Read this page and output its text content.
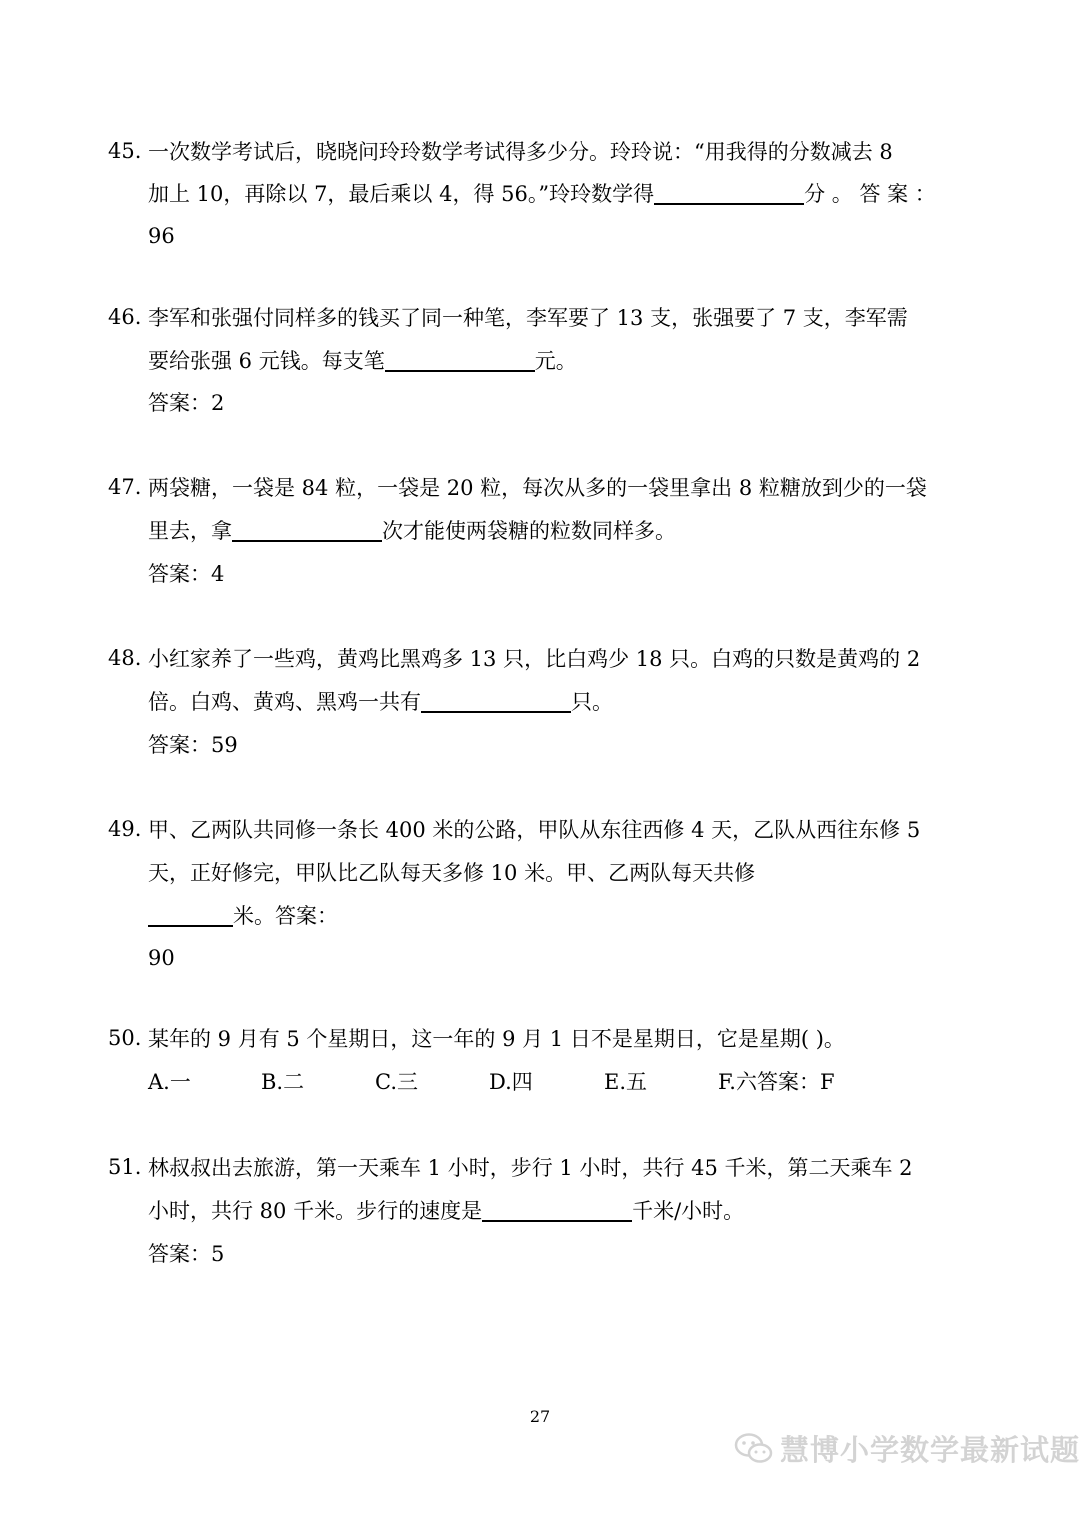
45. 一次数学考试后，晓晓问玲玲数学考试得多少分。玲玲说：“用我得的分数减去 8
加上 10，再除以 7，最后乘以 4，得 56。”玲玲数学得	分 。 答 案 ：
96
46. 李军和张强付同样多的钱买了同一种笔，李军要了 13 支，张强要了 7 支，李军需
要给张强 6 元钱。每支笔	元。
答案：2
47. 两袋糖，一袋是 84 粒，一袋是 20 粒，每次从多的一袋里拿出 8 粒糖放到少的一袋
里去，拿	次才能使两袋糖的粒数同样多。
答案：4
48. 小红家养了一些鸡，黄鸡比黑鸡多 13 只，比白鸡少 18 只。白鸡的只数是黄鸡的 2
倍。白鸡、黄鸡、黑鸡一共有	只。
答案：59
49. 甲、乙两队共同修一条长 400 米的公路，甲队从东往西修 4 天，乙队从西往东修 5
天，正好修完，甲队比乙队每天多修 10 米。甲、乙两队每天共修
米。答案：
90
50. 某年的 9 月有 5 个星期日，这一年的 9 月 1 日不是星期日，它是星期( )。
A.一	B.二	C.三	D.四	E.五	F.六答案：F
51. 林叔叔出去旅游，第一天乘车 1 小时，步行 1 小时，共行 45 千米，第二天乘车 2
小时，共行 80 千米。步行的速度是	千米/小时。
答案：5
27
慧博小学数学最新试题
